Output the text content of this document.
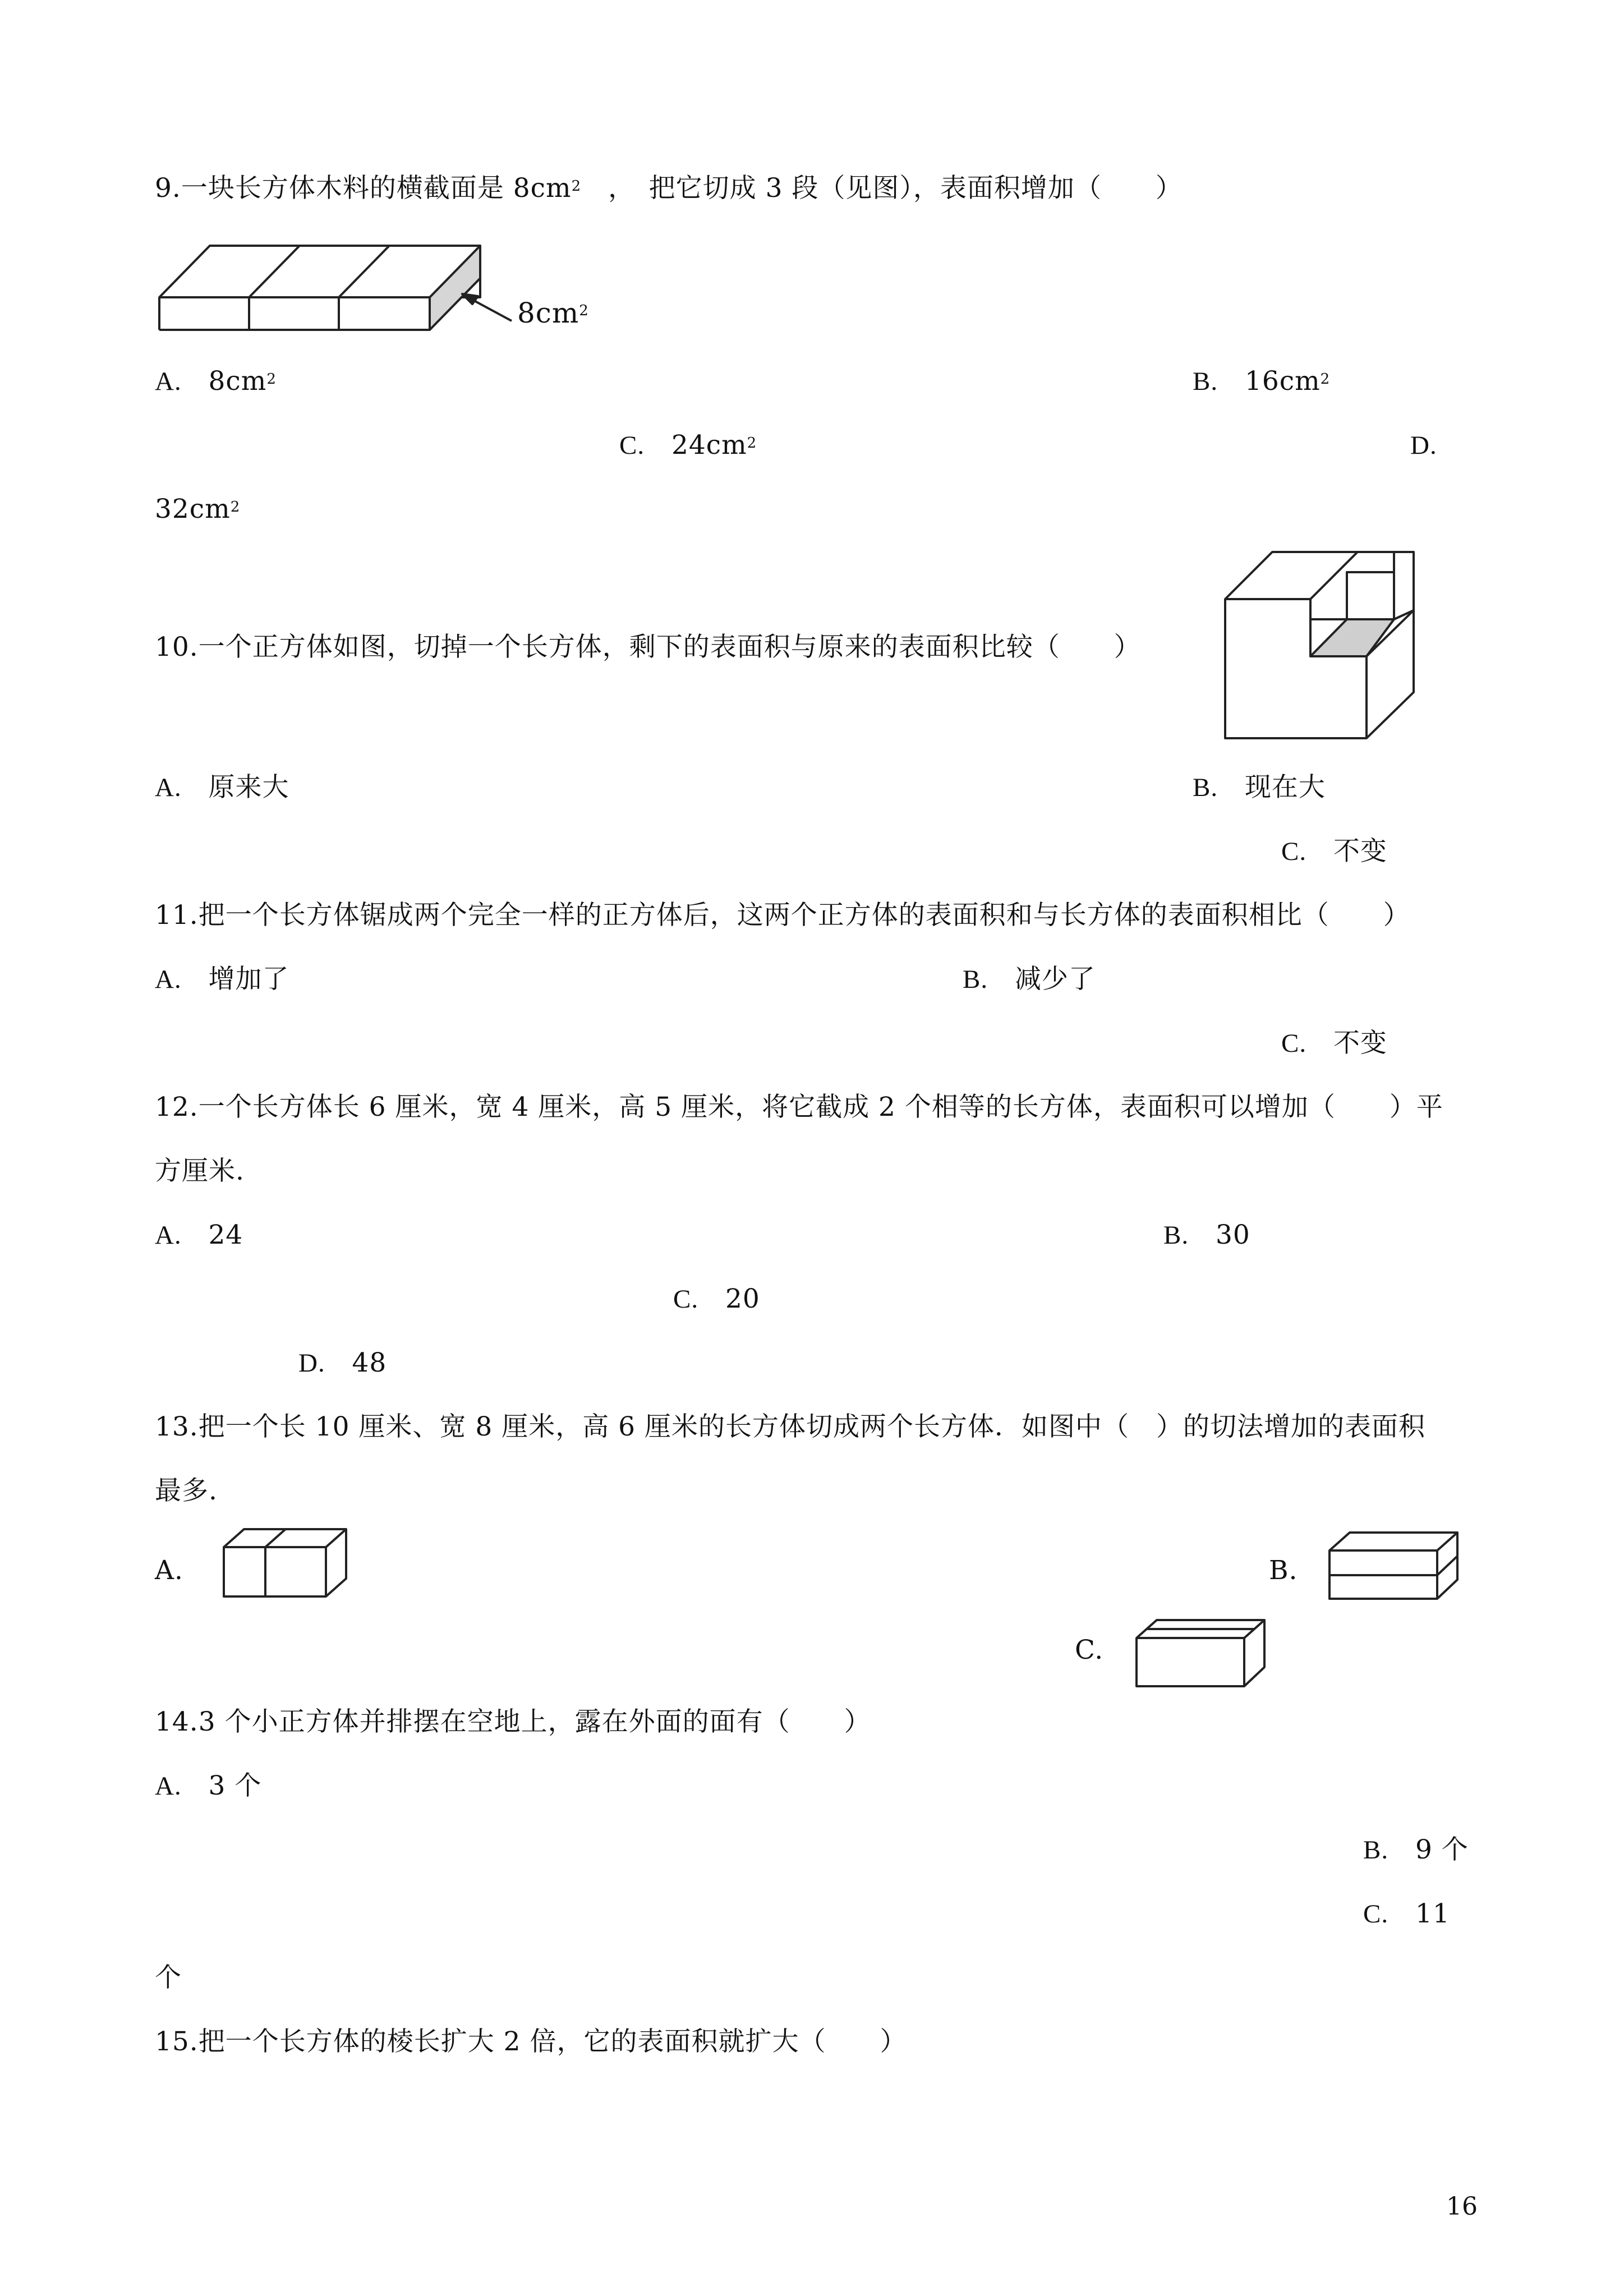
9.一块长方体木料的横截面是 $8cm^2$　，　把它切成 3 段（见图），表面积增加（　　）
$8cm^2$
A. $8cm^2$	B. $16cm^2$
C. $24cm^2$	D.
$32cm^2$
10.一个正方体如图，切掉一个长方体，剩下的表面积与原来的表面积比较（　　）
A. 原来大	B. 现在大
C. 不变
11.把一个长方体锯成两个完全一样的正方体后，这两个正方体的表面积和与长方体的表面积相比（　　）
A. 增加了	B. 减少了
C. 不变
12.一个长方体长 6 厘米，宽 4 厘米，高 5 厘米，将它截成 2 个相等的长方体，表面积可以增加（　　）平
方厘米.
A. 24	B. 30
C. 20
D. 48
13.把一个长 10 厘米、宽 8 厘米，高 6 厘米的长方体切成两个长方体．如图中（　）的切法增加的表面积
最多.
A.	B.
C.
14.3 个小正方体并排摆在空地上，露在外面的面有（　　）
A. 3 个
B. 9 个
C. 11
个
15.把一个长方体的棱长扩大 2 倍，它的表面积就扩大（　　）
16
